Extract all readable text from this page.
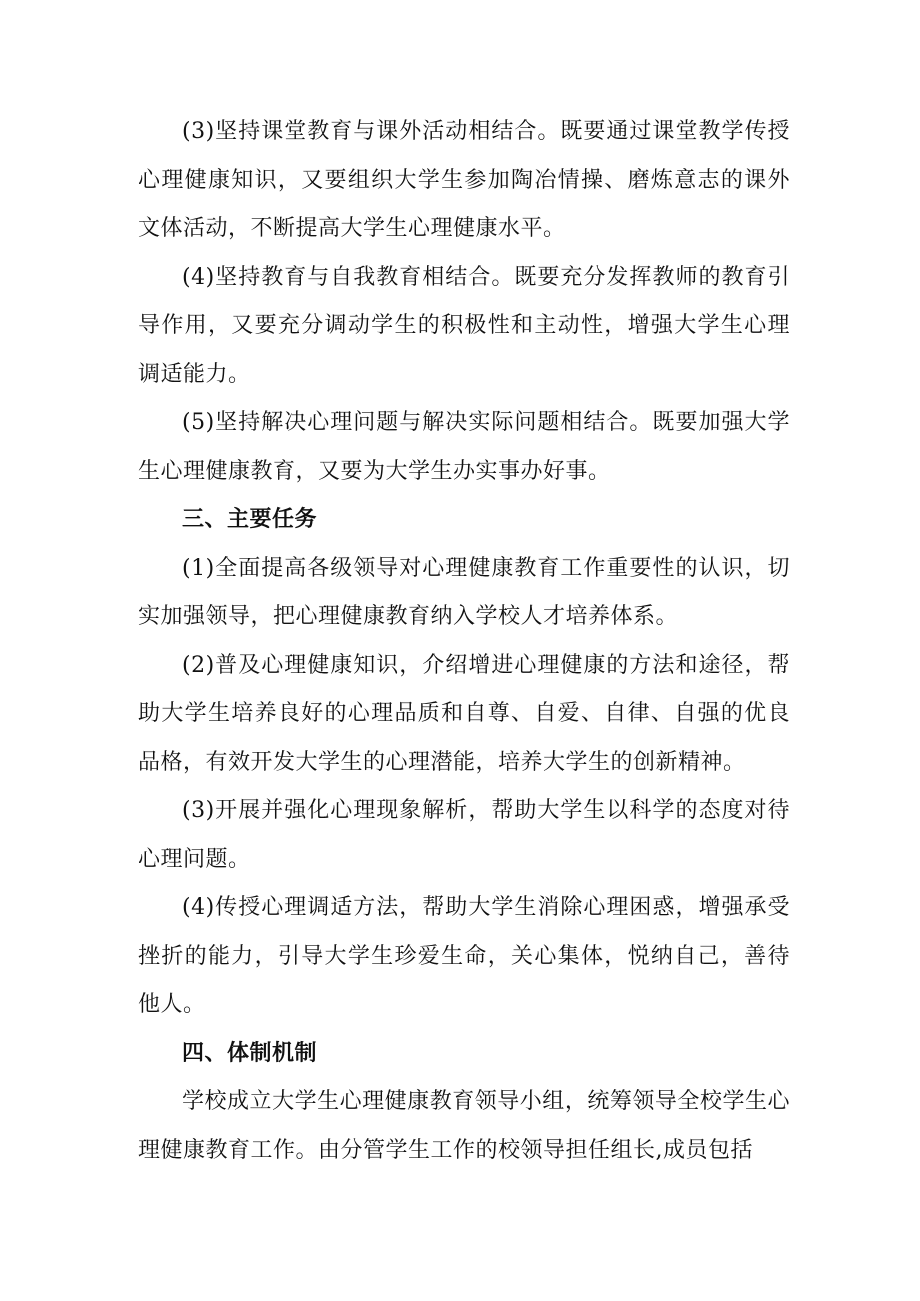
(3)坚持课堂教育与课外活动相结合。既要通过课堂教学传授心理健康知识，又要组织大学生参加陶冶情操、磨炼意志的课外文体活动，不断提高大学生心理健康水平。

(4)坚持教育与自我教育相结合。既要充分发挥教师的教育引导作用，又要充分调动学生的积极性和主动性，增强大学生心理调适能力。

(5)坚持解决心理问题与解决实际问题相结合。既要加强大学生心理健康教育，又要为大学生办实事办好事。

三、主要任务

(1)全面提高各级领导对心理健康教育工作重要性的认识，切实加强领导，把心理健康教育纳入学校人才培养体系。

(2)普及心理健康知识，介绍增进心理健康的方法和途径，帮助大学生培养良好的心理品质和自尊、自爱、自律、自强的优良品格，有效开发大学生的心理潜能，培养大学生的创新精神。

(3)开展并强化心理现象解析，帮助大学生以科学的态度对待心理问题。

(4)传授心理调适方法，帮助大学生消除心理困惑，增强承受挫折的能力，引导大学生珍爱生命，关心集体，悦纳自己，善待他人。

四、体制机制

学校成立大学生心理健康教育领导小组，统筹领导全校学生心理健康教育工作。由分管学生工作的校领导担任组长,成员包括
